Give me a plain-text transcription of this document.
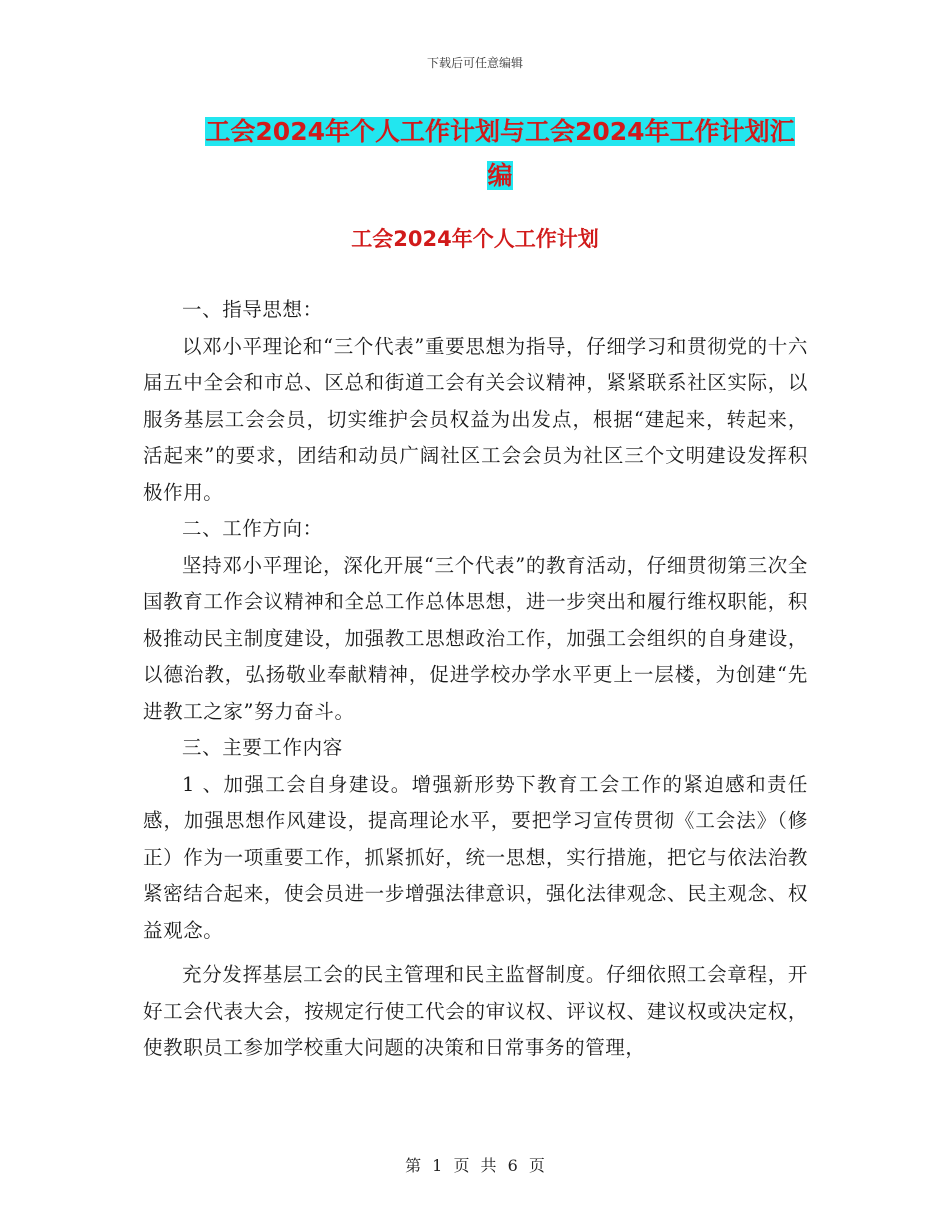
下载后可任意编辑
工会2024年个人工作计划与工会2024年工作计划汇编
工会2024年个人工作计划

一、指导思想：

以邓小平理论和“三个代表”重要思想为指导，仔细学习和贯彻党的十六届五中全会和市总、区总和街道工会有关会议精神，紧紧联系社区实际，以服务基层工会会员，切实维护会员权益为出发点，根据“建起来，转起来，活起来”的要求，团结和动员广阔社区工会会员为社区三个文明建设发挥积极作用。

二、工作方向：

坚持邓小平理论，深化开展“三个代表”的教育活动，仔细贯彻第三次全国教育工作会议精神和全总工作总体思想，进一步突出和履行维权职能，积极推动民主制度建设，加强教工思想政治工作，加强工会组织的自身建设，以德治教，弘扬敬业奉献精神，促进学校办学水平更上一层楼，为创建“先进教工之家”努力奋斗。

三、主要工作内容

1 、加强工会自身建设。增强新形势下教育工会工作的紧迫感和责任感，加强思想作风建设，提高理论水平，要把学习宣传贯彻《工会法》（修正）作为一项重要工作，抓紧抓好，统一思想，实行措施，把它与依法治教紧密结合起来，使会员进一步增强法律意识，强化法律观念、民主观念、权益观念。

充分发挥基层工会的民主管理和民主监督制度。仔细依照工会章程，开好工会代表大会，按规定行使工代会的审议权、评议权、建议权或决定权，使教职员工参加学校重大问题的决策和日常事务的管理，

第 1 页 共 6 页
